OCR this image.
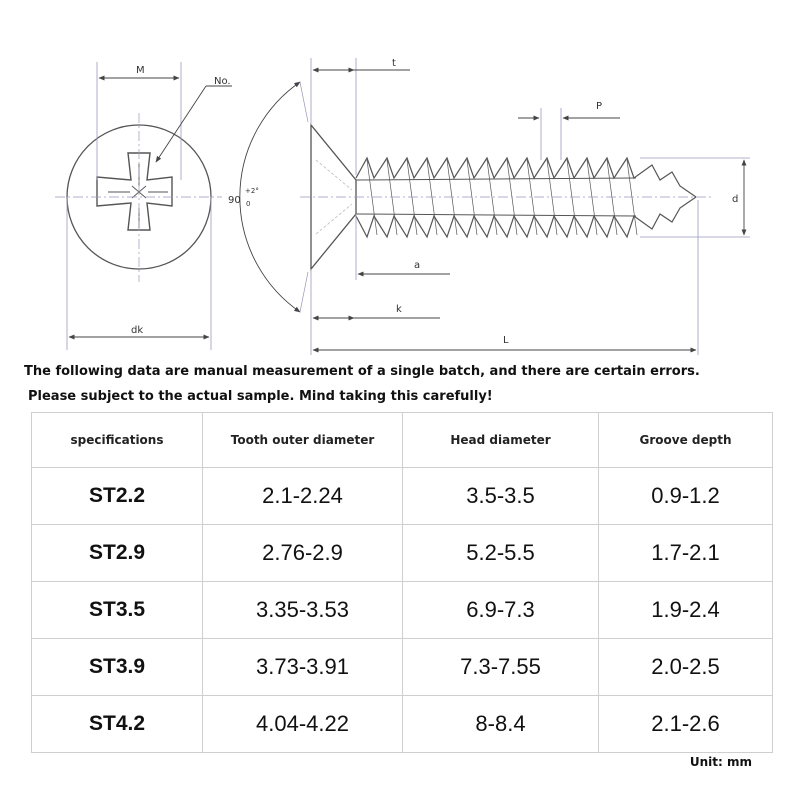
M
No.
dk
90
+2°
0
t
P
d
a
k
L
The following data are manual measurement of a single batch, and there are certain errors.
Please subject to the actual sample. Mind taking this carefully!
specifications	Tooth outer diameter	Head diameter	Groove depth
ST2.2	2.1-2.24	3.5-3.5	0.9-1.2
ST2.9	2.76-2.9	5.2-5.5	1.7-2.1
ST3.5	3.35-3.53	6.9-7.3	1.9-2.4
ST3.9	3.73-3.91	7.3-7.55	2.0-2.5
ST4.2	4.04-4.22	8-8.4	2.1-2.6
Unit: mm
